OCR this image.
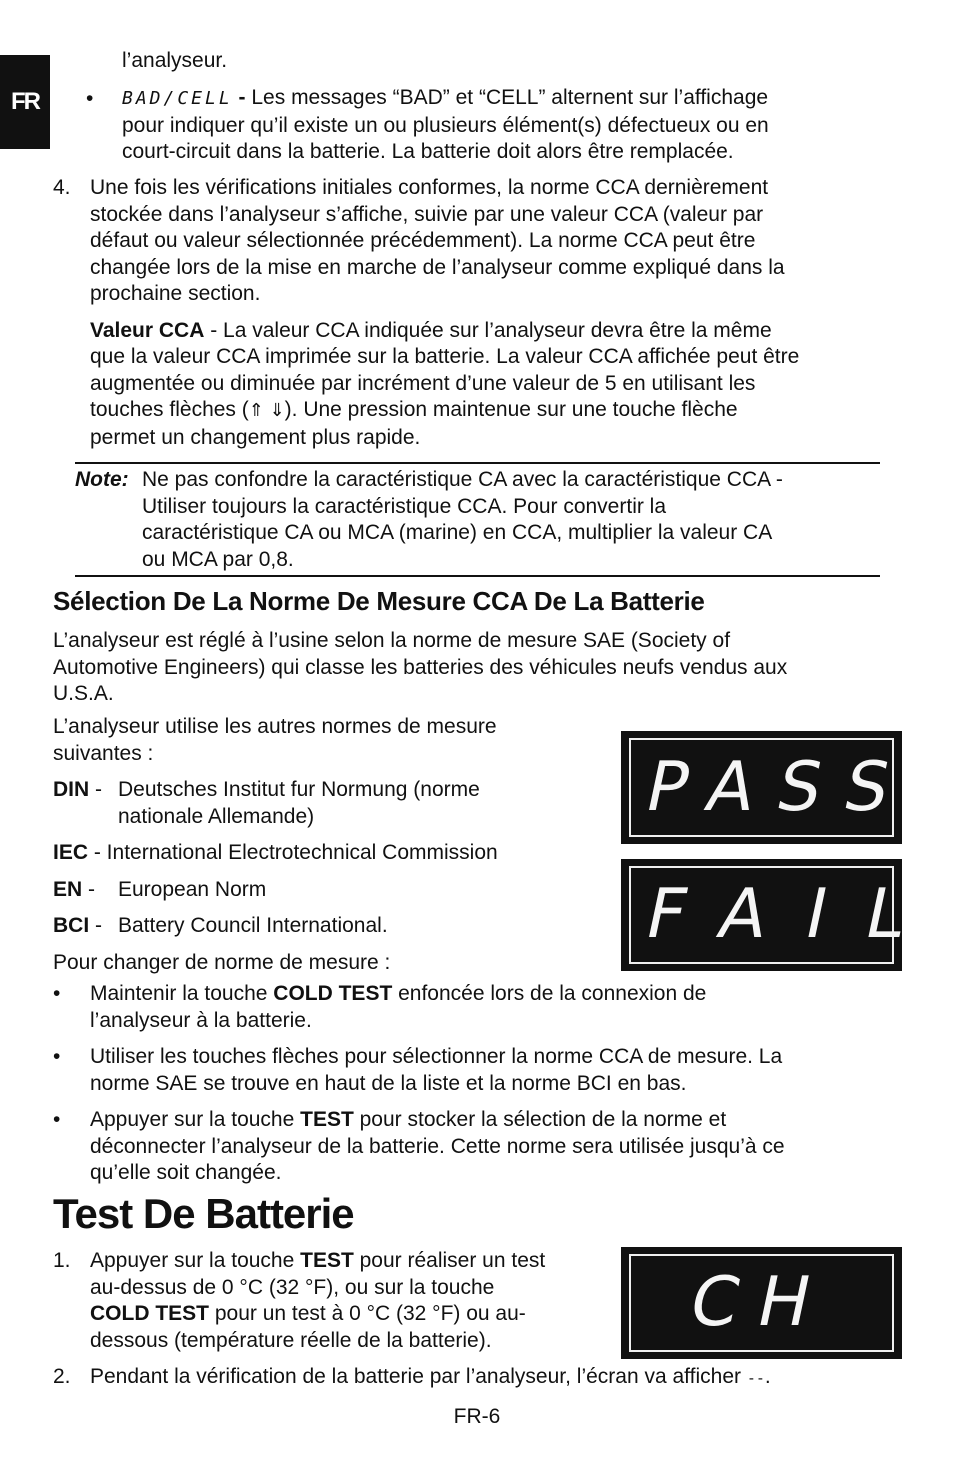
FR
l’analyseur.
• BAD/CELL - Les messages “BAD” et “CELL” alternent sur l’affichage
pour indiquer qu’il existe un ou plusieurs élément(s) défectueux ou en
court-circuit dans la batterie. La batterie doit alors être remplacée.
4. Une fois les vérifications initiales conformes, la norme CCA dernièrement
stockée dans l’analyseur s’affiche, suivie par une valeur CCA (valeur par
défaut ou valeur sélectionnée précédemment). La norme CCA peut être
changée lors de la mise en marche de l’analyseur comme expliqué dans la
prochaine section.
Valeur CCA - La valeur CCA indiquée sur l’analyseur devra être la même
que la valeur CCA imprimée sur la batterie. La valeur CCA affichée peut être
augmentée ou diminuée par incrément d’une valeur de 5 en utilisant les
touches flèches (⇑ ⇓). Une pression maintenue sur une touche flèche
permet un changement plus rapide.
Note: Ne pas confondre la caractéristique CA avec la caractéristique CCA -
Utiliser toujours la caractéristique CCA. Pour convertir la
caractéristique CA ou MCA (marine) en CCA, multiplier la valeur CA
ou MCA par 0,8.
Sélection De La Norme De Mesure CCA De La Batterie
L’analyseur est réglé à l’usine selon la norme de mesure SAE (Society of
Automotive Engineers) qui classe les batteries des véhicules neufs vendus aux
U.S.A.
L’analyseur utilise les autres normes de mesure
suivantes :
DIN - Deutsches Institut fur Normung (norme
nationale Allemande)
IEC - International Electrotechnical Commission
EN - European Norm
BCI - Battery Council International.
Pour changer de norme de mesure :
PASS
FAIL
• Maintenir la touche COLD TEST enfoncée lors de la connexion de
l’analyseur à la batterie.
• Utiliser les touches flèches pour sélectionner la norme CCA de mesure. La
norme SAE se trouve en haut de la liste et la norme BCI en bas.
• Appuyer sur la touche TEST pour stocker la sélection de la norme et
déconnecter l’analyseur de la batterie. Cette norme sera utilisée jusqu’à ce
qu’elle soit changée.
Test De Batterie
1. Appuyer sur la touche TEST pour réaliser un test
au-dessus de 0 °C (32 °F), ou sur la touche
COLD TEST pour un test à 0 °C (32 °F) ou au-
dessous (température réelle de la batterie).	CH
2. Pendant la vérification de la batterie par l’analyseur, l’écran va afficher --.
FR-6
